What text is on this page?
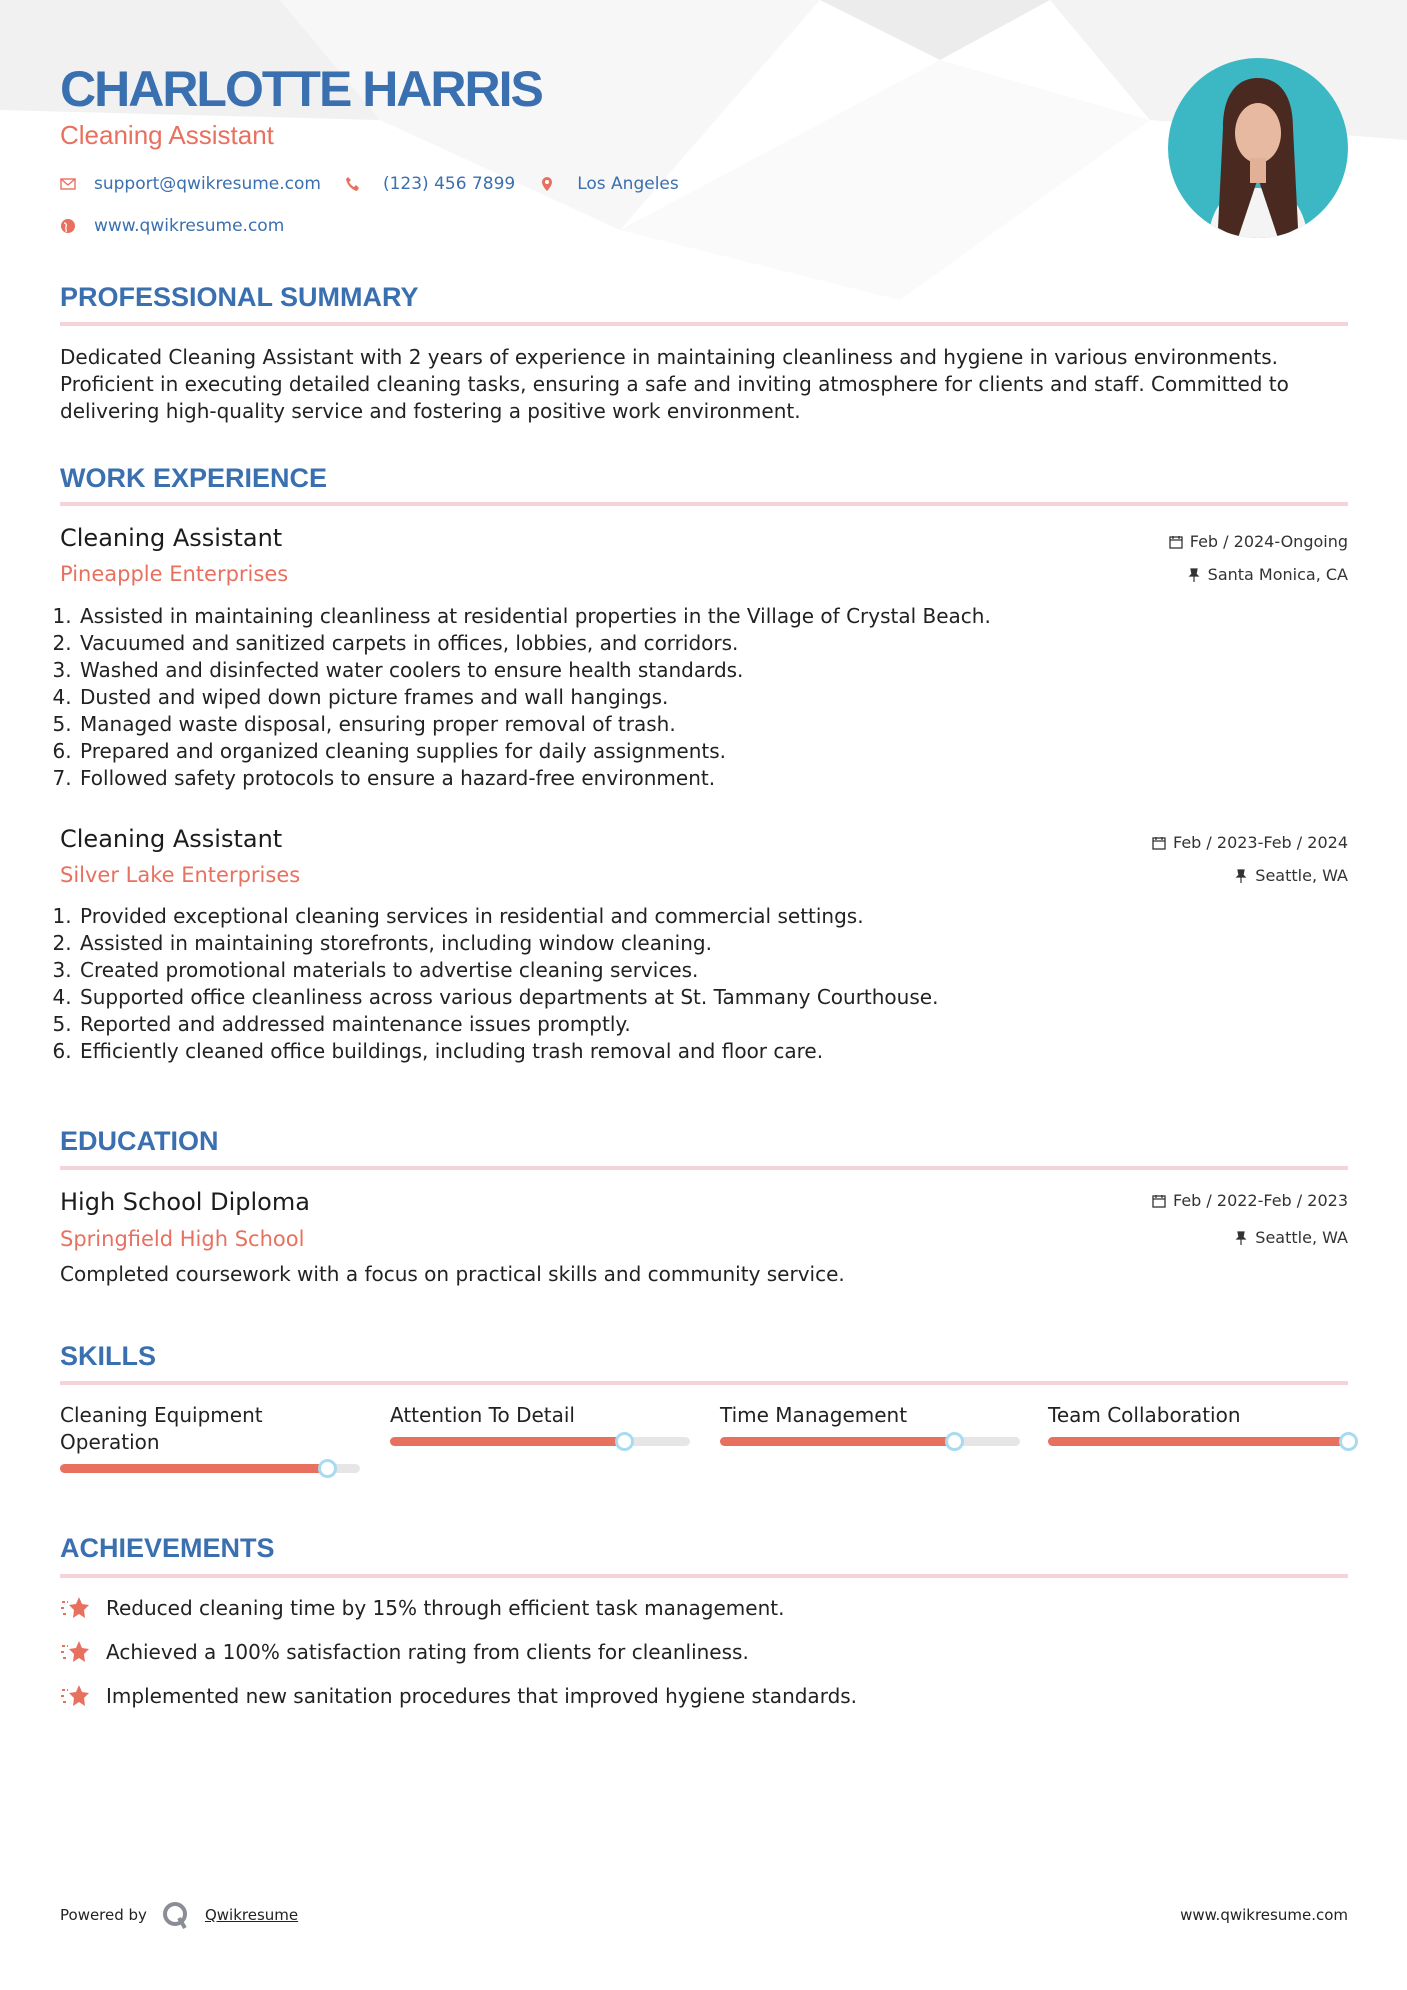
CHARLOTTE HARRIS
Cleaning Assistant
support@qwikresume.com	(123) 456 7899	Los Angeles
www.qwikresume.com
PROFESSIONAL SUMMARY
Dedicated Cleaning Assistant with 2 years of experience in maintaining cleanliness and hygiene in various environments. Proficient in executing detailed cleaning tasks, ensuring a safe and inviting atmosphere for clients and staff. Committed to delivering high-quality service and fostering a positive work environment.
WORK EXPERIENCE
Cleaning Assistant
Pineapple Enterprises
Feb / 2024-Ongoing
Santa Monica, CA
1. Assisted in maintaining cleanliness at residential properties in the Village of Crystal Beach.
2. Vacuumed and sanitized carpets in offices, lobbies, and corridors.
3. Washed and disinfected water coolers to ensure health standards.
4. Dusted and wiped down picture frames and wall hangings.
5. Managed waste disposal, ensuring proper removal of trash.
6. Prepared and organized cleaning supplies for daily assignments.
7. Followed safety protocols to ensure a hazard-free environment.
Cleaning Assistant
Silver Lake Enterprises
Feb / 2023-Feb / 2024
Seattle, WA
1. Provided exceptional cleaning services in residential and commercial settings.
2. Assisted in maintaining storefronts, including window cleaning.
3. Created promotional materials to advertise cleaning services.
4. Supported office cleanliness across various departments at St. Tammany Courthouse.
5. Reported and addressed maintenance issues promptly.
6. Efficiently cleaned office buildings, including trash removal and floor care.
EDUCATION
High School Diploma
Springfield High School
Feb / 2022-Feb / 2023
Seattle, WA
Completed coursework with a focus on practical skills and community service.
SKILLS
Cleaning Equipment Operation
Attention To Detail	Time Management	Team Collaboration
ACHIEVEMENTS
Reduced cleaning time by 15% through efficient task management.
Achieved a 100% satisfaction rating from clients for cleanliness.
Implemented new sanitation procedures that improved hygiene standards.
Powered by	Qwikresume	www.qwikresume.com
